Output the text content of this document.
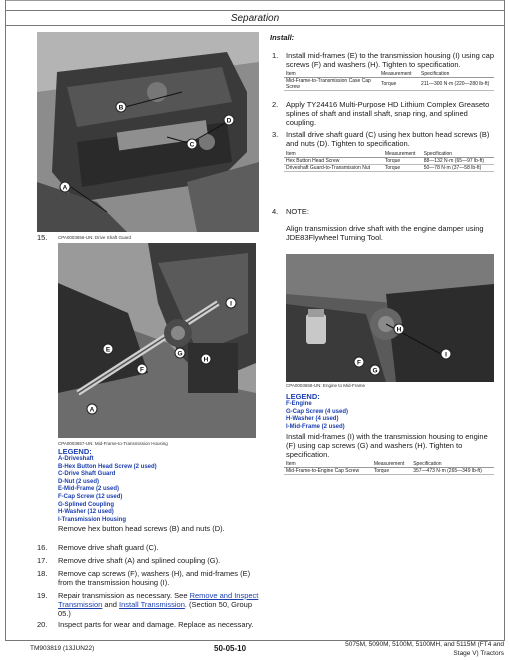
Separation
B
D
C
A
15. CPA0003656-UN: Drive Shaft Guard
I
E
G
H
F
A
CPA0003657-UN: Mid-Frame-to-Transmission Housing
LEGEND:
A-Driveshaft
B-Hex Button Head Screw (2 used)
C-Drive Shaft Guard
D-Nut (2 used)
E-Mid-Frame (2 used)
F-Cap Screw (12 used)
G-Splined Coupling
H-Washer (12 used)
I-Transmission Housing
Remove hex button head screws (B) and nuts (D).
Install:
1. Install mid-frames (E) to the transmission housing (I) using cap screws (F) and washers (H). Tighten to specification.
Item	Measurement	Specification
Mid-Frame-to-Transmission Case Cap Screw	Torque	211—300 N·m (220—280 lb-ft)
2. Apply TY24416 Multi-Purpose HD Lithium Complex Greaseto splines of shaft and install shaft, snap ring, and splined coupling.
3. Install drive shaft guard (C) using hex button head screws (B) and nuts (D). Tighten to specification.
Item	Measurement	Specification
Hex Button Head Screw	Torque	88—132 N·m (65—97 lb-ft)
Driveshaft Guard-to-Transmission Nut	Torque	50—78 N·m (37—58 lb-ft)
4. NOTE:
Align transmission drive shaft with the engine damper using JDE83Flywheel Turning Tool.
H
I
F
G
CPA0003658-UN: Engine to Mid-Frame
LEGEND:
F-Engine
G-Cap Screw (4 used)
H-Washer (4 used)
I-Mid-Frame (2 used)
Install mid-frames (I) with the transmission housing to engine (F) using cap screws (G) and washers (H). Tighten to specification.
Item	Measurement	Specification
Mid-Frame-to-Engine Cap Screw	Torque	357—473 N·m (265—349 lb-ft)
16. Remove drive shaft guard (C).
17. Remove drive shaft (A) and splined coupling (G).
18. Remove cap screws (F), washers (H), and mid-frames (E) from the transmission housing (I).
19. Repair transmission as necessary. See Remove and Inspect Transmission and Install Transmission. (Section 50, Group 05.)
20. Inspect parts for wear and damage. Replace as necessary.
TM903819 (13JUN22)	50-05-10	5075M, 5090M, 5100M, 5100MH, and 5115M (FT4 and
Stage V) Tractors
